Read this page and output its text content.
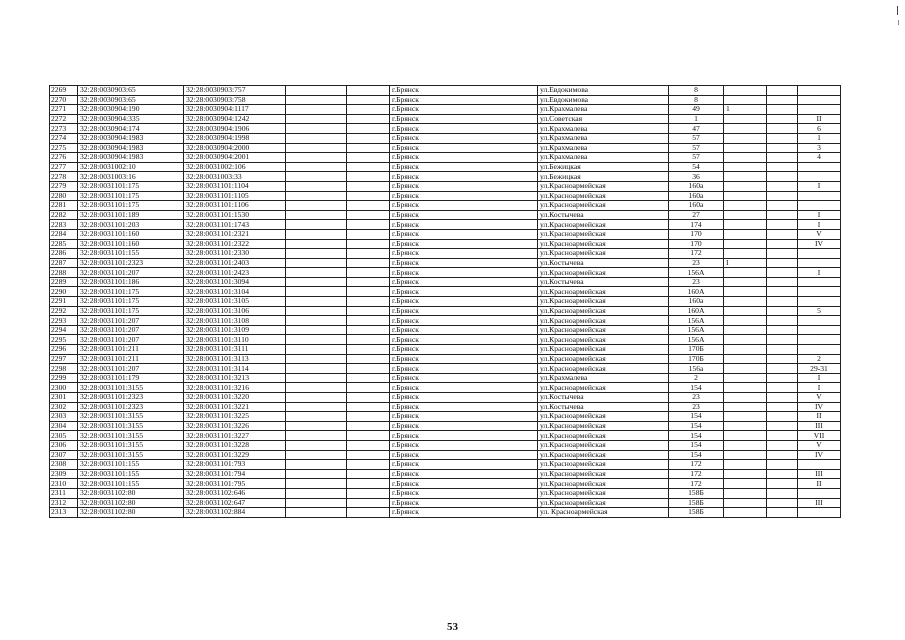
2269	32:28:0030903:65	32:28:0030903:757			г.Брянск	ул.Евдокимова	8			
2270	32:28:0030903:65	32:28:0030903:758			г.Брянск	ул.Евдокимова	8			
2271	32:28:0030904:190	32:28:0030904:1117			г.Брянск	ул.Крахмалева	49	1		
2272	32:28:0030904:335	32:28:0030904:1242			г.Брянск	ул.Советская	1			II
2273	32:28:0030904:174	32:28:0030904:1906			г.Брянск	ул.Крахмалева	47			6
2274	32:28:0030904:1983	32:28:0030904:1998			г.Брянск	ул.Крахмалева	57			1
2275	32:28:0030904:1983	32:28:0030904:2000			г.Брянск	ул.Крахмалева	57			3
2276	32:28:0030904:1983	32:28:0030904:2001			г.Брянск	ул.Крахмалева	57			4
2277	32:28:0031002:10	32:28:0031002:106			г.Брянск	ул.Бежицкая	54			
2278	32:28:0031003:16	32:28:0031003:33			г.Брянск	ул.Бежицкая	36			
2279	32:28:0031101:175	32:28:0031101:1104			г.Брянск	ул.Красноармейская	160а			I
2280	32:28:0031101:175	32:28:0031101:1105			г.Брянск	ул.Красноармейская	160а			
2281	32:28:0031101:175	32:28:0031101:1106			г.Брянск	ул.Красноармейская	160а			
2282	32:28:0031101:189	32:28:0031101:1530			г.Брянск	ул.Костычева	27			I
2283	32:28:0031101:203	32:28:0031101:1743			г.Брянск	ул.Красноармейская	174			I
2284	32:28:0031101:160	32:28:0031101:2321			г.Брянск	ул.Красноармейская	170			V
2285	32:28:0031101:160	32:28:0031101:2322			г.Брянск	ул.Красноармейская	170			IV
2286	32:28:0031101:155	32:28:0031101:2330			г.Брянск	ул.Красноармейская	172			
2287	32:28:0031101:2323	32:28:0031101:2403			г.Брянск	ул.Костычева	23	I		
2288	32:28:0031101:207	32:28:0031101:2423			г.Брянск	ул.Красноармейская	156А			I
2289	32:28:0031101:186	32:28:0031101:3094			г.Брянск	ул.Костычева	23			
2290	32:28:0031101:175	32:28:0031101:3104			г.Брянск	ул.Красноармейская	160А			
2291	32:28:0031101:175	32:28:0031101:3105			г.Брянск	ул.Красноармейская	160а			
2292	32:28:0031101:175	32:28:0031101:3106			г.Брянск	ул.Красноармейская	160А			5
2293	32:28:0031101:207	32:28:0031101:3108			г.Брянск	ул.Красноармейская	156А			
2294	32:28:0031101:207	32:28:0031101:3109			г.Брянск	ул.Красноармейская	156А			
2295	32:28:0031101:207	32:28:0031101:3110			г.Брянск	ул.Красноармейская	156А			
2296	32:28:0031101:211	32:28:0031101:3111			г.Брянск	ул.Красноармейская	170Б			
2297	32:28:0031101:211	32:28:0031101:3113			г.Брянск	ул.Красноармейская	170Б			2
2298	32:28:0031101:207	32:28:0031101:3114			г.Брянск	ул.Красноармейская	156а			29-31
2299	32:28:0031101:179	32:28:0031101:3213			г.Брянск	ул.Крахмалева	2			I
2300	32:28:0031101:3155	32:28:0031101:3216			г.Брянск	ул.Красноармейская	154			I
2301	32:28:0031101:2323	32:28:0031101:3220			г.Брянск	ул.Костычева	23			V
2302	32:28:0031101:2323	32:28:0031101:3221			г.Брянск	ул.Костычева	23			IV
2303	32:28:0031101:3155	32:28:0031101:3225			г.Брянск	ул.Красноармейская	154			II
2304	32:28:0031101:3155	32:28:0031101:3226			г.Брянск	ул.Красноармейская	154			III
2305	32:28:0031101:3155	32:28:0031101:3227			г.Брянск	ул.Красноармейская	154			VII
2306	32:28:0031101:3155	32:28:0031101:3228			г.Брянск	ул.Красноармейская	154			V
2307	32:28:0031101:3155	32:28:0031101:3229			г.Брянск	ул.Красноармейская	154			IV
2308	32:28:0031101:155	32:28:0031101:793			г.Брянск	ул.Красноармейская	172			
2309	32:28:0031101:155	32:28:0031101:794			г.Брянск	ул.Красноармейская	172			III
2310	32:28:0031101:155	32:28:0031101:795			г.Брянск	ул.Красноармейская	172			II
2311	32:28:0031102:80	32:28:0031102:646			г.Брянск	ул.Красноармейская	158Б			
2312	32:28:0031102:80	32:28:0031102:647			г.Брянск	ул.Красноармейская	158Б			III
2313	32:28:0031102:80	32:28:0031102:884			г.Брянск	ул. Красноармейская	158Б			
53
